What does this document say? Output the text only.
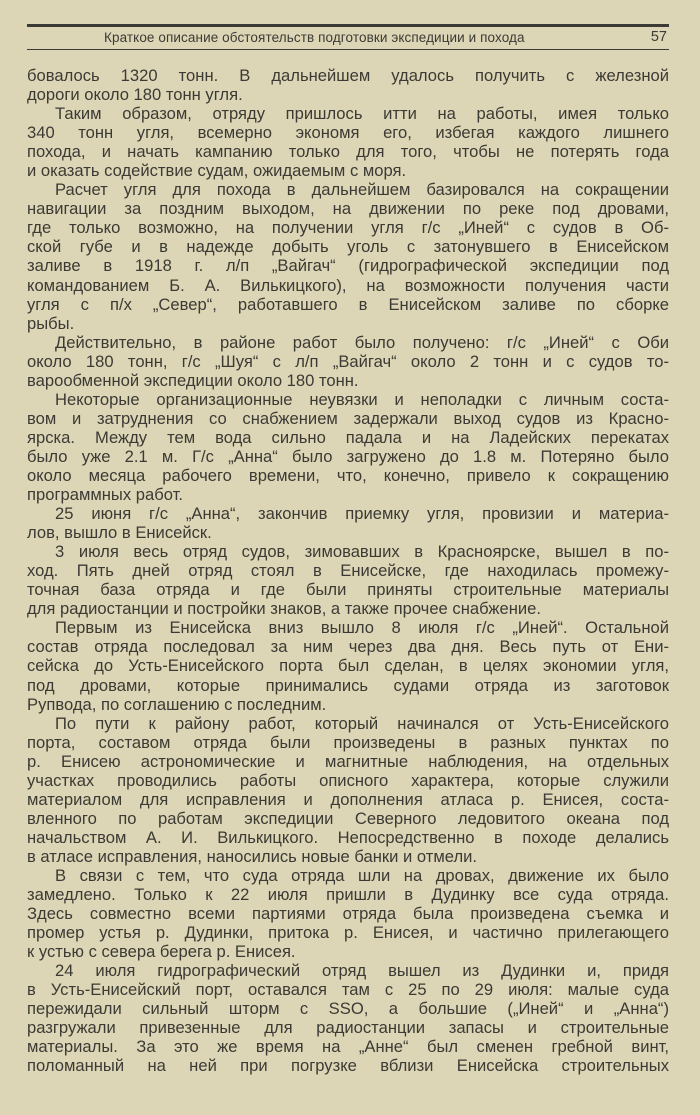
Краткое описание обстоятельств подготовки экспедиции и похода	57
бовалось 1320 тонн. В дальнейшем удалось получить с железной
дороги около 180 тонн угля.
Таким образом, отряду пришлось итти на работы, имея только
340 тонн угля, всемерно экономя его, избегая каждого лишнего
похода, и начать кампанию только для того, чтобы не потерять года
и оказать содействие судам, ожидаемым с моря.
Расчет угля для похода в дальнейшем базировался на сокращении
навигации за поздним выходом, на движении по реке под дровами,
где только возможно, на получении угля г/с „Иней“ с судов в Об-
ской губе и в надежде добыть уголь с затонувшего в Енисейском
заливе в 1918 г. л/п „Вайгач“ (гидрографической экспедиции под
командованием Б. А. Вилькицкого), на возможности получения части
угля с п/х „Север“, работавшего в Енисейском заливе по сборке
рыбы.
Действительно, в районе работ было получено: г/с „Иней“ с Оби
около 180 тонн, г/с „Шуя“ с л/п „Вайгач“ около 2 тонн и с судов то-
варообменной экспедиции около 180 тонн.
Некоторые организационные неувязки и неполадки с личным соста-
вом и затруднения со снабжением задержали выход судов из Красно-
ярска. Между тем вода сильно падала и на Ладейских перекатах
было уже 2.1 м. Г/с „Анна“ было загружено до 1.8 м. Потеряно было
около месяца рабочего времени, что, конечно, привело к сокращению
программных работ.
25 июня г/с „Анна“, закончив приемку угля, провизии и материа-
лов, вышло в Енисейск.
3 июля весь отряд судов, зимовавших в Красноярске, вышел в по-
ход. Пять дней отряд стоял в Енисейске, где находилась промежу-
точная база отряда и где были приняты строительные материалы
для радиостанции и постройки знаков, а также прочее снабжение.
Первым из Енисейска вниз вышло 8 июля г/с „Иней“. Остальной
состав отряда последовал за ним через два дня. Весь путь от Ени-
сейска до Усть-Енисейского порта был сделан, в целях экономии угля,
под дровами, которые принимались судами отряда из заготовок
Рупвода, по соглашению с последним.
По пути к району работ, который начинался от Усть-Енисейского
порта, составом отряда были произведены в разных пунктах по
р. Енисею астрономические и магнитные наблюдения, на отдельных
участках проводились работы описного характера, которые служили
материалом для исправления и дополнения атласа р. Енисея, соста-
вленного по работам экспедиции Северного ледовитого океана под
начальством А. И. Вилькицкого. Непосредственно в походе делались
в атласе исправления, наносились новые банки и отмели.
В связи с тем, что суда отряда шли на дровах, движение их было
замедлено. Только к 22 июля пришли в Дудинку все суда отряда.
Здесь совместно всеми партиями отряда была произведена съемка и
промер устья р. Дудинки, притока р. Енисея, и частично прилегающего
к устью с севера берега р. Енисея.
24 июля гидрографический отряд вышел из Дудинки и, придя
в Усть-Енисейский порт, оставался там с 25 по 29 июля: малые суда
пережидали сильный шторм с SSO, а большие („Иней“ и „Анна“)
разгружали привезенные для радиостанции запасы и строительные
материалы. За это же время на „Анне“ был сменен гребной винт,
поломанный на ней при погрузке вблизи Енисейска строительных
